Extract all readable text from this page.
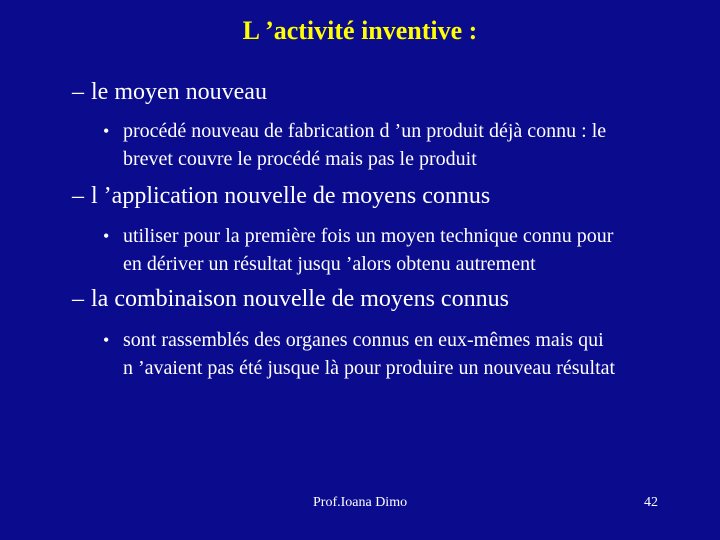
L ’activité inventive :
– le moyen nouveau
• procédé nouveau de fabrication d ’un produit déjà connu : le
brevet couvre le procédé mais pas le produit
– l ’application nouvelle de moyens connus
• utiliser pour la première fois un moyen technique connu pour
en dériver un résultat jusqu ’alors obtenu autrement
– la combinaison nouvelle de moyens connus
• sont rassemblés des organes connus en eux-mêmes mais qui
n ’avaient pas été jusque là pour produire un nouveau résultat
Prof.Ioana Dimo	42
